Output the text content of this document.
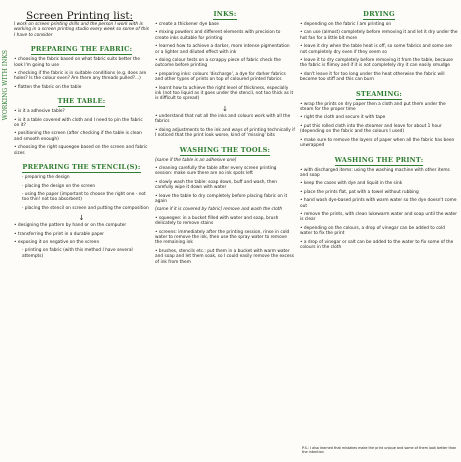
Screen Printing list:
WORKING WITH INKS
I work on screen printing drills and the person I work with is working in a screen printing studio every week so some of this I have to consider
PREPARING THE FABRIC:
• choosing the fabric based on what fabric suits better the look I'm going to use
• checking if the fabric is in suitable conditions (e.g. does are holes? Is the colour even? Are there any threads pulled?...)
• flatten the fabric on the table
THE TABLE:
• is it a adhesive table?
• is it a table covered with cloth and I need to pin the fabric on it?
• positioning the screen (after checking if the table is clean and smooth enough)
• choosing the right squeegee based on the screen and fabric sizes
PREPARING THE STENCIL(S):
· preparing the design
· placing the design on the screen
· using the paper (important to choose the right one - not too thin! not too absorbent)
· placing the stencil on screen and putting the composition
↓
• designing the pattern by hand or on the computer
• transferring the print in a durable paper
• exposing it on negative on the screen
· printing on fabric (with this method I have several attempts)
INKS:
• create a thickener dye base
• mixing powders and different elements with precision to create inks suitable for printing
• learned how to achieve a darker, more intense pigmentation or a lighter and diluted effect with ink
• doing colour tests on a scrappy piece of fabric check the outcome before printing
• preparing inks: colours 'discharge', a dye for darker fabrics and other types of prints on top of coloured printed fabrics
• learnt how to achieve the right level of thickness, especially ink (not too liquid as it goes under the stencil, not too thick as it is difficult to spread)
↓
• understand that not all the inks and colours work with all the fabrics
• doing adjustments to the ink and ways of printing technically if I noticed that the print look worse, kind of 'missing' bits
WASHING THE TOOLS:
[same if the table is an adhesive one]
• cleaning carefully the table after every screen printing session: make sure there are no ink spots left
• slowly wash the table: soap down, buff and wash, then carefully wipe it down with water
• leave the table to dry completely before placing fabric on it again
[same if it is covered by fabric] remove and wash the cloth
• squeegee: in a bucket filled with water and soap, brush delicately to remove stains
• screens: immediately after the printing session, rinse in cold water to remove the ink, then use the spray water to remove the remaining ink
• brushes, stencils etc.: put them in a bucket with warm water and soap and let them soak, so I could easily remove the excess of ink from them
DRYING
• depending on the fabric I am printing on
• can use (almost) completely before removing it and let it dry under the hot fan for a little bit more
• leave it dry when the table heat is off, so some fabrics and some are not completely dry even if they seem so
• leave it to dry completely before removing it from the table, because the fabric is flimsy and if it is not completely dry it can easily smudge
• don't leave it for too long under the heat otherwise the fabric will become too stiff and this can burn
STEAMING:
• wrap the prints on dry paper then a cloth and put them under the steam for the proper time
• right the cloth and secure it with tape
• put this rolled cloth into the steamer and leave for about 1 hour (depending on the fabric and the colours I used)
• make sure to remove the layers of paper when all the fabric has been unwrapped
WASHING THE PRINT:
• with discharged items: using the washing machine with other items and soap
• keep the cases with dye and liquid in the sink
• place the prints flat, pat with a towel without rubbing
• hand wash dye-based prints with warm water so the dye doesn't come out
• remove the prints, with clean lukewarm water and soap until the water is clear
• depending on the colours, a drop of vinegar can be added to cold water to fix the print
• a drop of vinegar or salt can be added to the water to fix some of the colours in the cloth
P.S.: I also learned that mistakes make the print unique and some of them look better than the intention
